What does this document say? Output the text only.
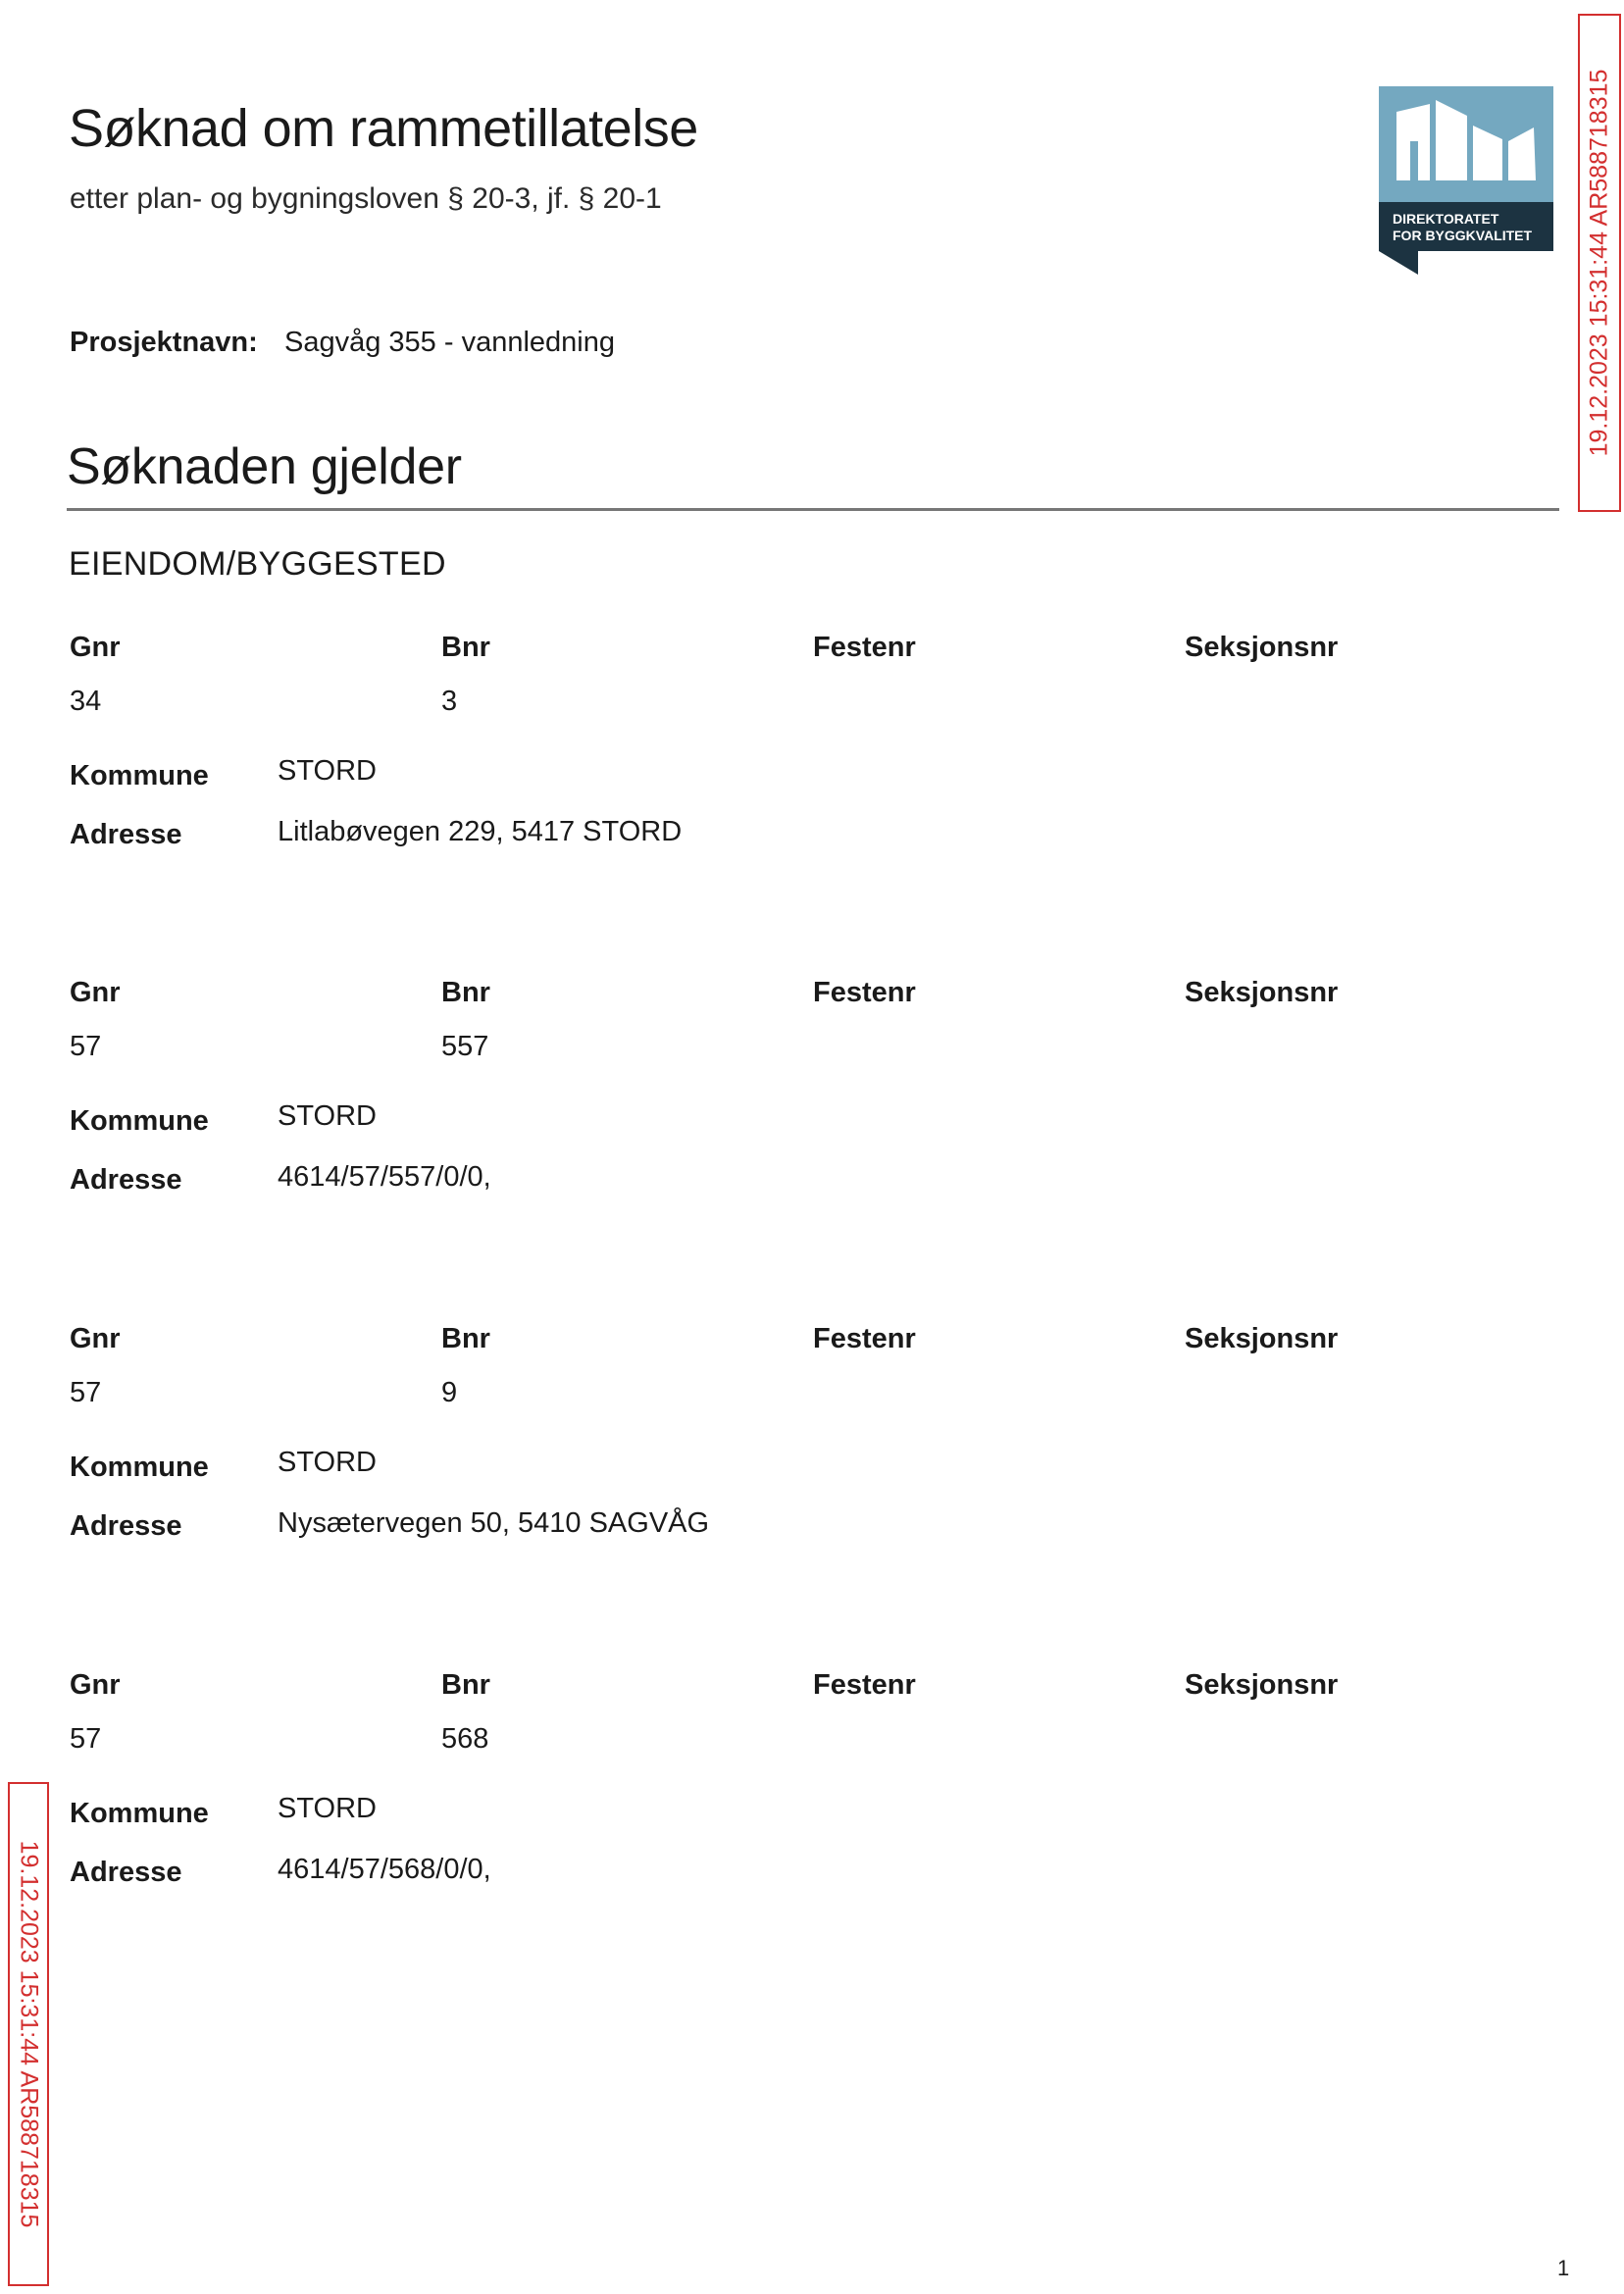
Søknad om rammetillatelse
etter plan- og bygningsloven § 20-3, jf. § 20-1
DIREKTORATET
FOR BYGGKVALITET 19.12.2023 15:31:44 AR588718315
Prosjektnavn: Sagvåg 355 - vannledning
Søknaden gjelder
EIENDOM/BYGGESTED
Gnr	Bnr	Festenr	Seksjonsnr
34	3
Kommune STORD
Adresse	Litlabøvegen 229, 5417 STORD
Gnr	Bnr	Festenr	Seksjonsnr
57	557
Kommune STORD
Adresse	4614/57/557/0/0,
Gnr	Bnr	Festenr	Seksjonsnr
57	9
Kommune STORD
Adresse	Nysætervegen 50, 5410 SAGVÅG
Gnr	Bnr	Festenr	Seksjonsnr
57	568
Kommune STORD
Adresse	4614/57/568/0/0,
19.12.2023 15:31:44 AR588718315
1
